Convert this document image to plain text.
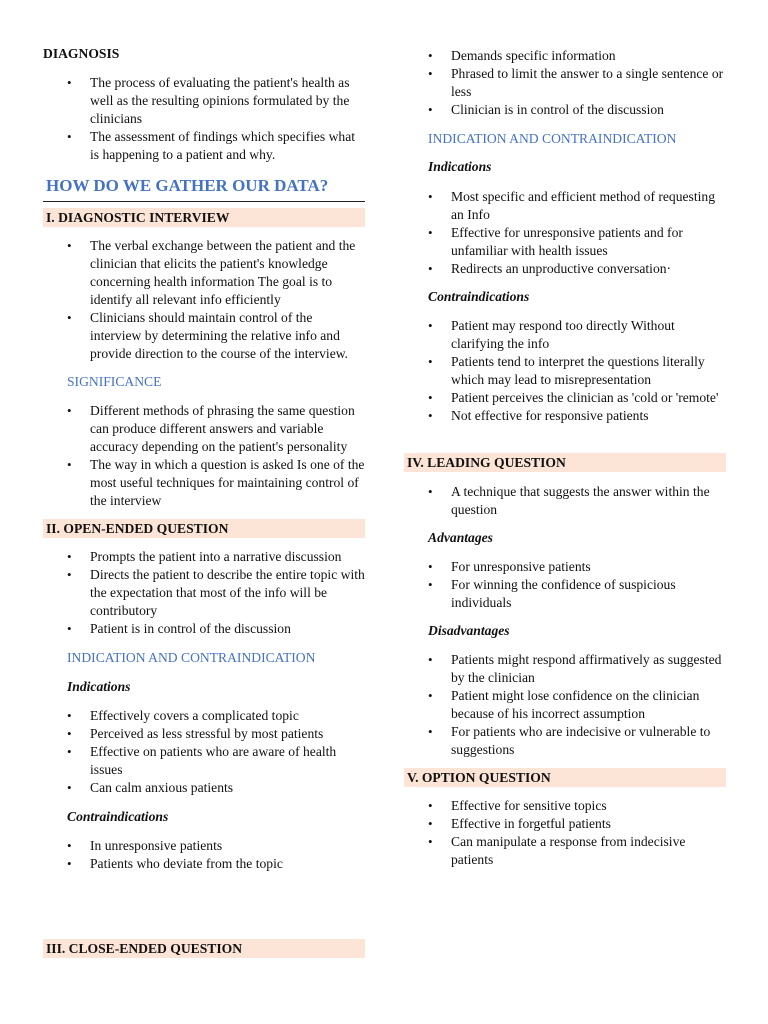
DIAGNOSIS
• The process of evaluating the patient's health as well as the resulting opinions formulated by the clinicians
• The assessment of findings which specifies what is happening to a patient and why.
HOW DO WE GATHER OUR DATA?
I. DIAGNOSTIC INTERVIEW
• The verbal exchange between the patient and the clinician that elicits the patient's knowledge concerning health information The goal is to identify all relevant info efficiently
• Clinicians should maintain control of the interview by determining the relative info and provide direction to the course of the interview.
SIGNIFICANCE
• Different methods of phrasing the same question can produce different answers and variable accuracy depending on the patient's personality
• The way in which a question is asked Is one of the most useful techniques for maintaining control of the interview
II. OPEN-ENDED QUESTION
• Prompts the patient into a narrative discussion
• Directs the patient to describe the entire topic with the expectation that most of the info will be contributory
• Patient is in control of the discussion
INDICATION AND CONTRAINDICATION
Indications
• Effectively covers a complicated topic
• Perceived as less stressful by most patients
• Effective on patients who are aware of health issues
• Can calm anxious patients
Contraindications
• In unresponsive patients
• Patients who deviate from the topic
III. CLOSE-ENDED QUESTION
• Demands specific information
• Phrased to limit the answer to a single sentence or less
• Clinician is in control of the discussion
INDICATION AND CONTRAINDICATION
Indications
• Most specific and efficient method of requesting an Info
• Effective for unresponsive patients and for unfamiliar with health issues
• Redirects an unproductive conversation·
Contraindications
• Patient may respond too directly Without clarifying the info
• Patients tend to interpret the questions literally which may lead to misrepresentation
• Patient perceives the clinician as 'cold or 'remote'
• Not effective for responsive patients
IV. LEADING QUESTION
• A technique that suggests the answer within the question
Advantages
• For unresponsive patients
• For winning the confidence of suspicious individuals
Disadvantages
• Patients might respond affirmatively as suggested by the clinician
• Patient might lose confidence on the clinician because of his incorrect assumption
• For patients who are indecisive or vulnerable to suggestions
V. OPTION QUESTION
• Effective for sensitive topics
• Effective in forgetful patients
• Can manipulate a response from indecisive patients
